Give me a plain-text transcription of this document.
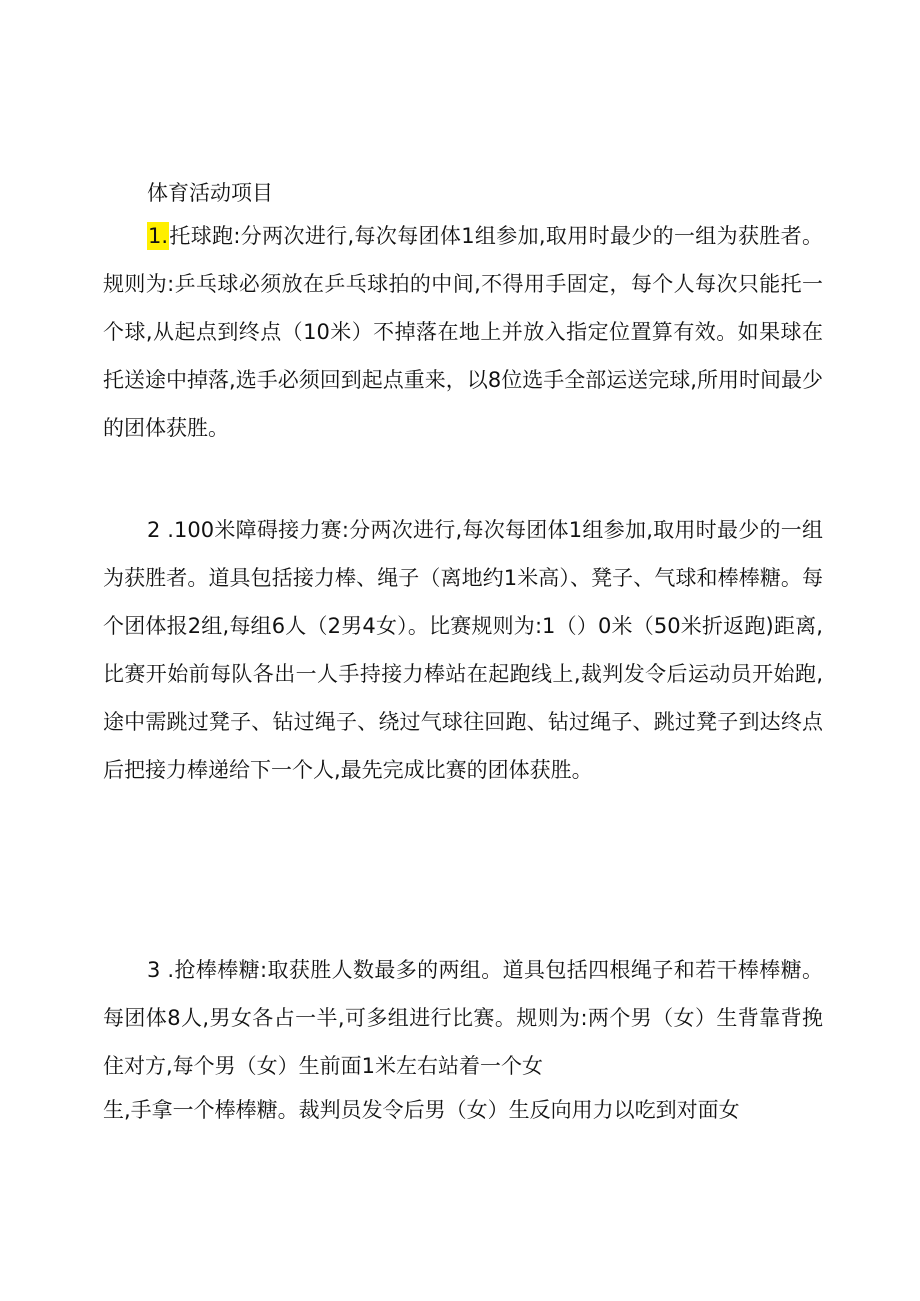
体育活动项目
1.托球跑:分两次进行,每次每团体1组参加,取用时最少的一组为获胜者。规则为:乒乓球必须放在乒乓球拍的中间,不得用手固定，每个人每次只能托一个球,从起点到终点（10米）不掉落在地上并放入指定位置算有效。如果球在托送途中掉落,选手必须回到起点重来，以8位选手全部运送完球,所用时间最少的团体获胜。
2 .100米障碍接力赛:分两次进行,每次每团体1组参加,取用时最少的一组为获胜者。道具包括接力棒、绳子（离地约1米高）、凳子、气球和棒棒糖。每个团体报2组,每组6人（2男4女）。比赛规则为:1（）0米（50米折返跑)距离,比赛开始前每队各出一人手持接力棒站在起跑线上,裁判发令后运动员开始跑,途中需跳过凳子、钻过绳子、绕过气球往回跑、钻过绳子、跳过凳子到达终点后把接力棒递给下一个人,最先完成比赛的团体获胜。
3 .抢棒棒糖:取获胜人数最多的两组。道具包括四根绳子和若干棒棒糖。每团体8人,男女各占一半,可多组进行比赛。规则为:两个男（女）生背靠背挽住对方,每个男（女）生前面1米左右站着一个女
生,手拿一个棒棒糖。裁判员发令后男（女）生反向用力以吃到对面女
